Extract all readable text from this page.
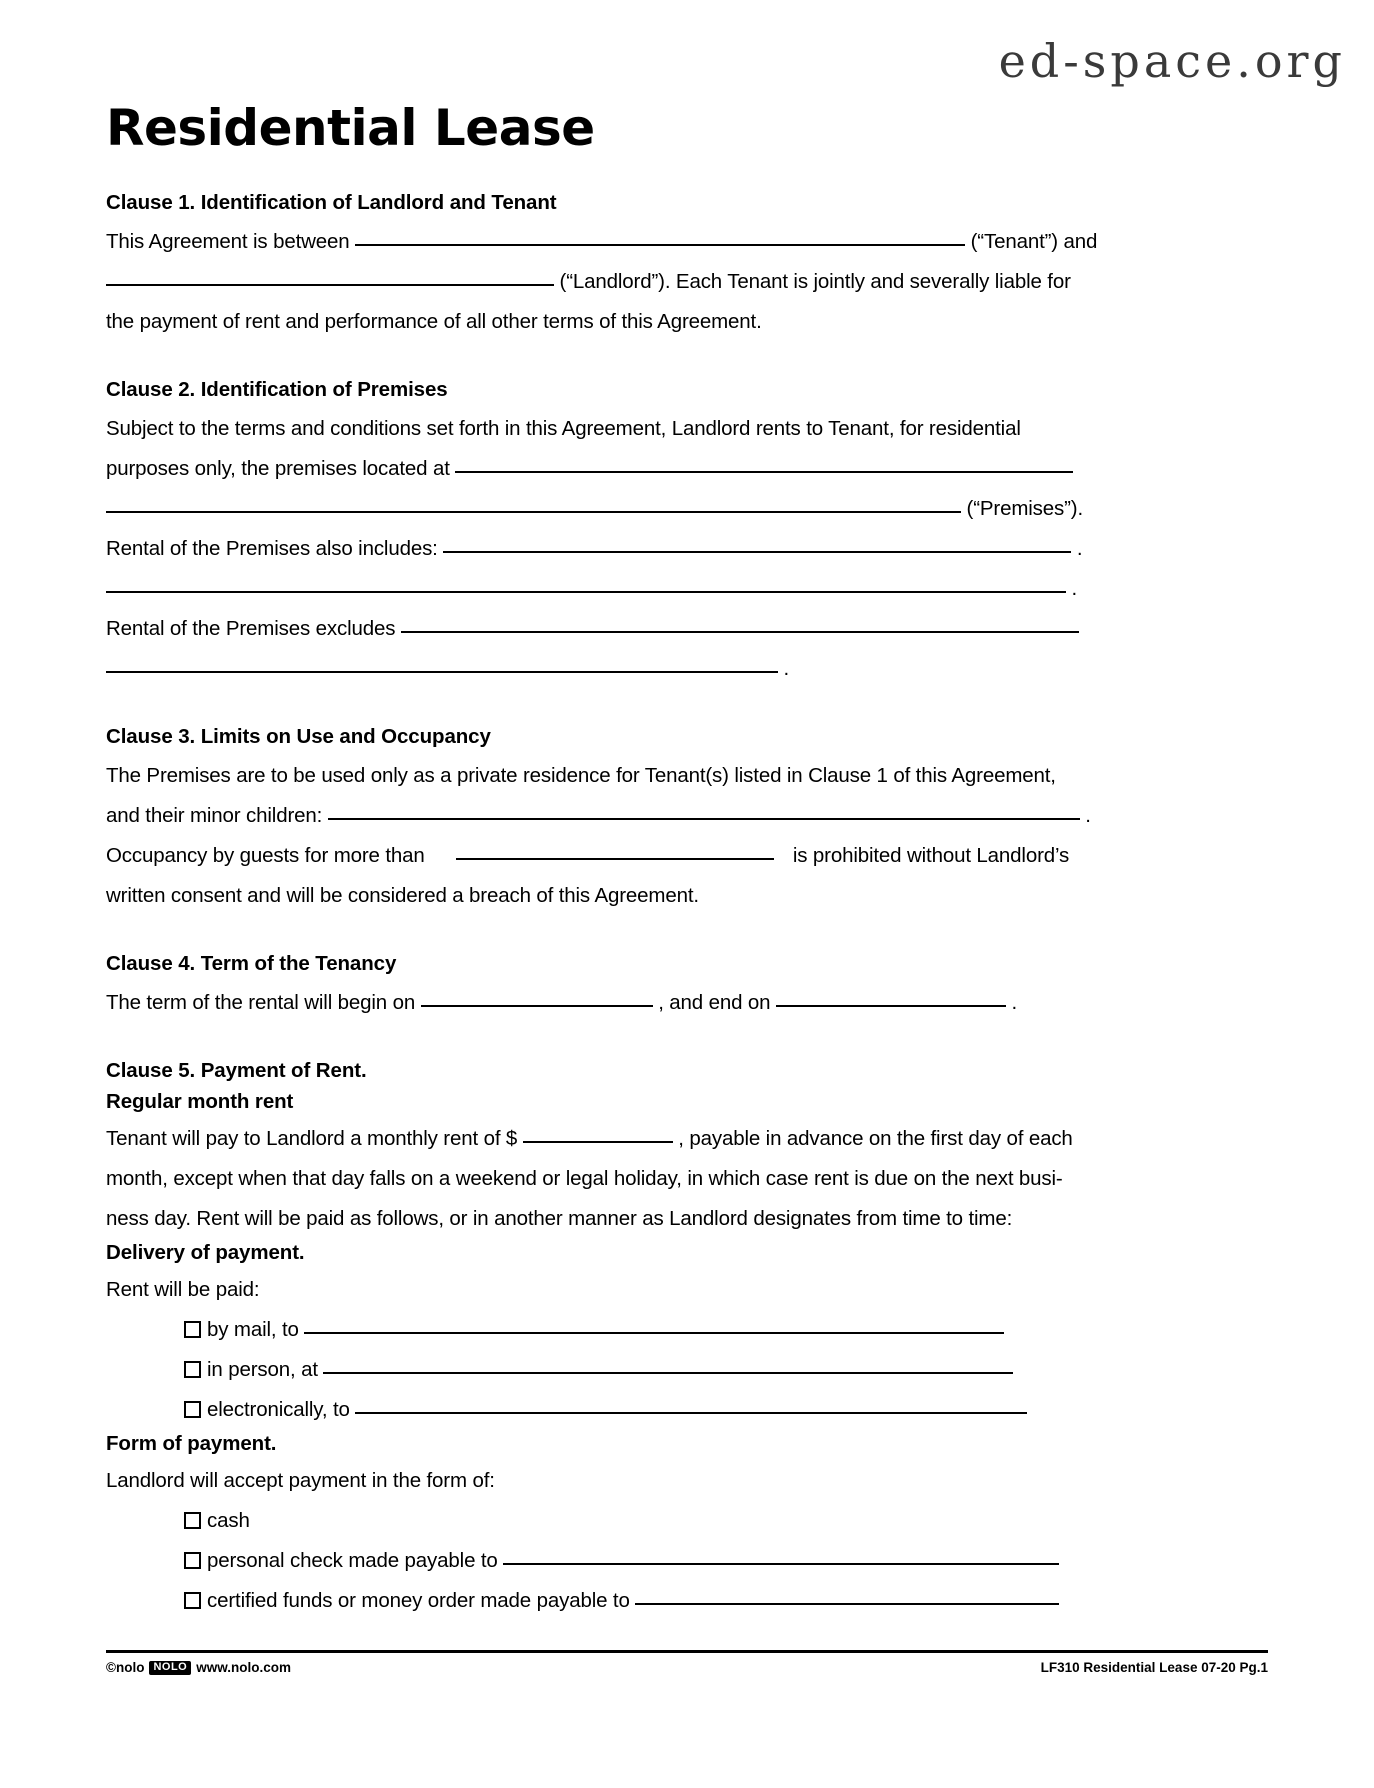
ed-space.org
Residential Lease
Clause 1. Identification of Landlord and Tenant

This Agreement is between	(“Tenant”) and

(“Landlord”). Each Tenant is jointly and severally liable for

the payment of rent and performance of all other terms of this Agreement.

Clause 2. Identification of Premises

Subject to the terms and conditions set forth in this Agreement, Landlord rents to Tenant, for residential

purposes only, the premises located at

(“Premises”).

Rental of the Premises also includes:	.

.

Rental of the Premises excludes

.

Clause 3. Limits on Use and Occupancy

The Premises are to be used only as a private residence for Tenant(s) listed in Clause 1 of this Agreement,

and their minor children:	.

Occupancy by guests for more than	is prohibited without Landlord’s

written consent and will be considered a breach of this Agreement.

Clause 4. Term of the Tenancy

The term of the rental will begin on	, and end on	.

Clause 5. Payment of Rent.
Regular month rent

Tenant will pay to Landlord a monthly rent of $	, payable in advance on the first day of each

month, except when that day falls on a weekend or legal holiday, in which case rent is due on the next busi-

ness day. Rent will be paid as follows, or in another manner as Landlord designates from time to time:

Delivery of payment.

Rent will be paid:

by mail, to

in person, at

electronically, to

Form of payment.

Landlord will accept payment in the form of:

cash

personal check made payable to

certified funds or money order made payable to

©nolo NOLO www.nolo.com	LF310 Residential Lease 07-20 Pg.1
